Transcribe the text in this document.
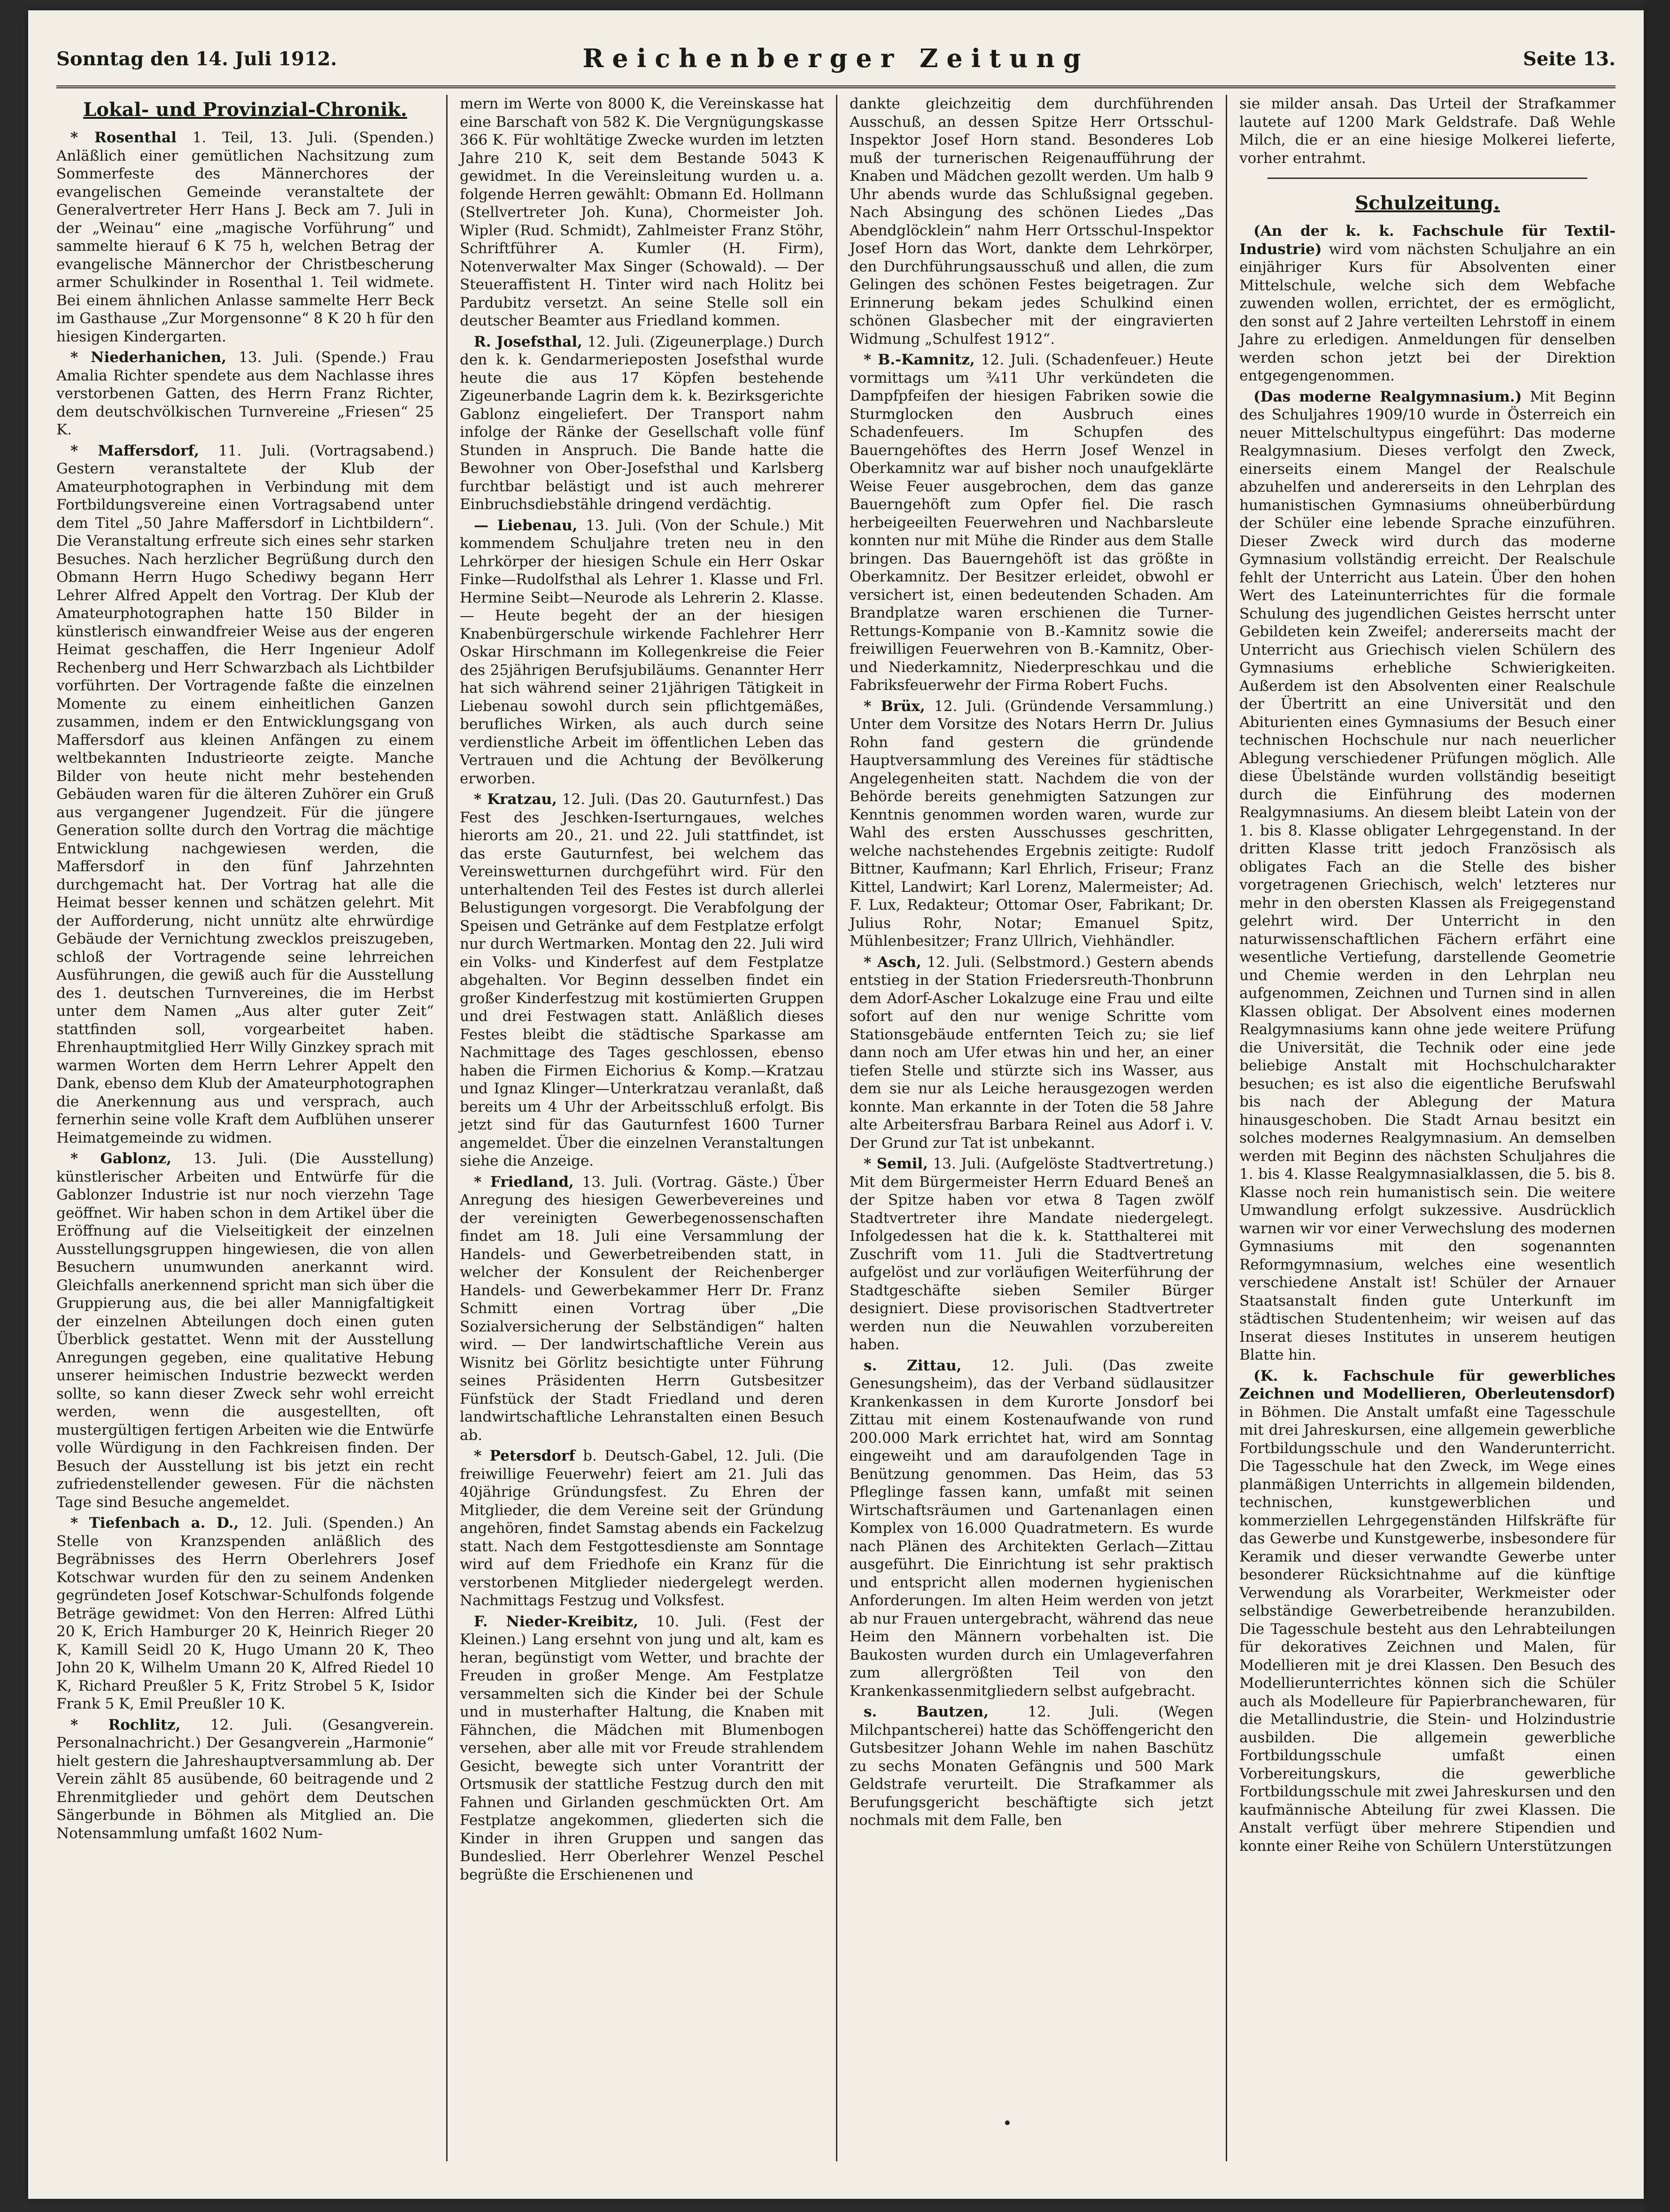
Sonntag den 14. Juli 1912.	Reichenberger Zeitung	Seite 13.
Lokal- und Provinzial-Chronik.

* Rosenthal 1. Teil, 13. Juli. (Spenden.) Anläßlich einer gemütlichen Nachsitzung zum Sommerfeste des Männerchores der evangelischen Gemeinde veranstaltete der Generalvertreter Herr Hans J. Beck am 7. Juli in der „Weinau“ eine „magische Vorführung“ und sammelte hierauf 6 K 75 h, welchen Betrag der evangelische Männerchor der Christbescherung armer Schulkinder in Rosenthal 1. Teil widmete. Bei einem ähnlichen Anlasse sammelte Herr Beck im Gasthause „Zur Morgensonne“ 8 K 20 h für den hiesigen Kindergarten.

* Niederhanichen, 13. Juli. (Spende.) Frau Amalia Richter spendete aus dem Nachlasse ihres verstorbenen Gatten, des Herrn Franz Richter, dem deutschvölkischen Turnvereine „Friesen“ 25 K.

* Maffersdorf, 11. Juli. (Vortragsabend.) Gestern veranstaltete der Klub der Amateurphotographen in Verbindung mit dem Fortbildungsvereine einen Vortragsabend unter dem Titel „50 Jahre Maffersdorf in Lichtbildern“. Die Veranstaltung erfreute sich eines sehr starken Besuches. Nach herzlicher Begrüßung durch den Obmann Herrn Hugo Schediwy begann Herr Lehrer Alfred Appelt den Vortrag. Der Klub der Amateurphotographen hatte 150 Bilder in künstlerisch einwandfreier Weise aus der engeren Heimat geschaffen, die Herr Ingenieur Adolf Rechenberg und Herr Schwarzbach als Lichtbilder vorführten. Der Vortragende faßte die einzelnen Momente zu einem einheitlichen Ganzen zusammen, indem er den Entwicklungsgang von Maffersdorf aus kleinen Anfängen zu einem weltbekannten Industrieorte zeigte. Manche Bilder von heute nicht mehr bestehenden Gebäuden waren für die älteren Zuhörer ein Gruß aus vergangener Jugendzeit. Für die jüngere Generation sollte durch den Vortrag die mächtige Entwicklung nachgewiesen werden, die Maffersdorf in den fünf Jahrzehnten durchgemacht hat. Der Vortrag hat alle die Heimat besser kennen und schätzen gelehrt. Mit der Aufforderung, nicht unnütz alte ehrwürdige Gebäude der Vernichtung zwecklos preiszugeben, schloß der Vortragende seine lehrreichen Ausführungen, die gewiß auch für die Ausstellung des 1. deutschen Turnvereines, die im Herbst unter dem Namen „Aus alter guter Zeit“ stattfinden soll, vorgearbeitet haben. Ehrenhauptmitglied Herr Willy Ginzkey sprach mit warmen Worten dem Herrn Lehrer Appelt den Dank, ebenso dem Klub der Amateurphotographen die Anerkennung aus und versprach, auch fernerhin seine volle Kraft dem Aufblühen unserer Heimatgemeinde zu widmen.

* Gablonz, 13. Juli. (Die Ausstellung) künstlerischer Arbeiten und Entwürfe für die Gablonzer Industrie ist nur noch vierzehn Tage geöffnet. Wir haben schon in dem Artikel über die Eröffnung auf die Vielseitigkeit der einzelnen Ausstellungsgruppen hingewiesen, die von allen Besuchern unumwunden anerkannt wird. Gleichfalls anerkennend spricht man sich über die Gruppierung aus, die bei aller Mannigfaltigkeit der einzelnen Abteilungen doch einen guten Überblick gestattet. Wenn mit der Ausstellung Anregungen gegeben, eine qualitative Hebung unserer heimischen Industrie bezweckt werden sollte, so kann dieser Zweck sehr wohl erreicht werden, wenn die ausgestellten, oft mustergültigen fertigen Arbeiten wie die Entwürfe volle Würdigung in den Fachkreisen finden. Der Besuch der Ausstellung ist bis jetzt ein recht zufriedenstellender gewesen. Für die nächsten Tage sind Besuche angemeldet.

* Tiefenbach a. D., 12. Juli. (Spenden.) An Stelle von Kranzspenden anläßlich des Begräbnisses des Herrn Oberlehrers Josef Kotschwar wurden für den zu seinem Andenken gegründeten Josef Kotschwar-Schulfonds folgende Beträge gewidmet: Von den Herren: Alfred Lüthi 20 K, Erich Hamburger 20 K, Heinrich Rieger 20 K, Kamill Seidl 20 K, Hugo Umann 20 K, Theo John 20 K, Wilhelm Umann 20 K, Alfred Riedel 10 K, Richard Preußler 5 K, Fritz Strobel 5 K, Isidor Frank 5 K, Emil Preußler 10 K.

* Rochlitz, 12. Juli. (Gesangverein. Personalnachricht.) Der Gesangverein „Harmonie“ hielt gestern die Jahreshauptversammlung ab. Der Verein zählt 85 ausübende, 60 beitragende und 2 Ehrenmitglieder und gehört dem Deutschen Sängerbunde in Böhmen als Mitglied an. Die Notensammlung umfaßt 1602 Num-

mern im Werte von 8000 K, die Vereinskasse hat eine Barschaft von 582 K. Die Vergnügungskasse 366 K. Für wohltätige Zwecke wurden im letzten Jahre 210 K, seit dem Bestande 5043 K gewidmet. In die Vereinsleitung wurden u. a. folgende Herren gewählt: Obmann Ed. Hollmann (Stellvertreter Joh. Kuna), Chormeister Joh. Wipler (Rud. Schmidt), Zahlmeister Franz Stöhr, Schriftführer A. Kumler (H. Firm), Notenverwalter Max Singer (Schowald). — Der Steueraffistent H. Tinter wird nach Holitz bei Pardubitz versetzt. An seine Stelle soll ein deutscher Beamter aus Friedland kommen.

R. Josefsthal, 12. Juli. (Zigeunerplage.) Durch den k. k. Gendarmerieposten Josefsthal wurde heute die aus 17 Köpfen bestehende Zigeunerbande Lagrin dem k. k. Bezirksgerichte Gablonz eingeliefert. Der Transport nahm infolge der Ränke der Gesellschaft volle fünf Stunden in Anspruch. Die Bande hatte die Bewohner von Ober-Josefsthal und Karlsberg furchtbar belästigt und ist auch mehrerer Einbruchsdiebstähle dringend verdächtig.

— Liebenau, 13. Juli. (Von der Schule.) Mit kommendem Schuljahre treten neu in den Lehrkörper der hiesigen Schule ein Herr Oskar Finke—Rudolfsthal als Lehrer 1. Klasse und Frl. Hermine Seibt—Neurode als Lehrerin 2. Klasse. — Heute begeht der an der hiesigen Knabenbürgerschule wirkende Fachlehrer Herr Oskar Hirschmann im Kollegenkreise die Feier des 25jährigen Berufsjubiläums. Genannter Herr hat sich während seiner 21jährigen Tätigkeit in Liebenau sowohl durch sein pflichtgemäßes, berufliches Wirken, als auch durch seine verdienstliche Arbeit im öffentlichen Leben das Vertrauen und die Achtung der Bevölkerung erworben.

* Kratzau, 12. Juli. (Das 20. Gauturnfest.) Das Fest des Jeschken-Iserturngaues, welches hierorts am 20., 21. und 22. Juli stattfindet, ist das erste Gauturnfest, bei welchem das Vereinswetturnen durchgeführt wird. Für den unterhaltenden Teil des Festes ist durch allerlei Belustigungen vorgesorgt. Die Verabfolgung der Speisen und Getränke auf dem Festplatze erfolgt nur durch Wertmarken. Montag den 22. Juli wird ein Volks- und Kinderfest auf dem Festplatze abgehalten. Vor Beginn desselben findet ein großer Kinderfestzug mit kostümierten Gruppen und drei Festwagen statt. Anläßlich dieses Festes bleibt die städtische Sparkasse am Nachmittage des Tages geschlossen, ebenso haben die Firmen Eichorius & Komp.—Kratzau und Ignaz Klinger—Unterkratzau veranlaßt, daß bereits um 4 Uhr der Arbeitsschluß erfolgt. Bis jetzt sind für das Gauturnfest 1600 Turner angemeldet. Über die einzelnen Veranstaltungen siehe die Anzeige.

* Friedland, 13. Juli. (Vortrag. Gäste.) Über Anregung des hiesigen Gewerbevereines und der vereinigten Gewerbegenossenschaften findet am 18. Juli eine Versammlung der Handels- und Gewerbetreibenden statt, in welcher der Konsulent der Reichenberger Handels- und Gewerbekammer Herr Dr. Franz Schmitt einen Vortrag über „Die Sozialversicherung der Selbständigen“ halten wird. — Der landwirtschaftliche Verein aus Wisnitz bei Görlitz besichtigte unter Führung seines Präsidenten Herrn Gutsbesitzer Fünfstück der Stadt Friedland und deren landwirtschaftliche Lehranstalten einen Besuch ab.

* Petersdorf b. Deutsch-Gabel, 12. Juli. (Die freiwillige Feuerwehr) feiert am 21. Juli das 40jährige Gründungsfest. Zu Ehren der Mitglieder, die dem Vereine seit der Gründung angehören, findet Samstag abends ein Fackelzug statt. Nach dem Festgottesdienste am Sonntage wird auf dem Friedhofe ein Kranz für die verstorbenen Mitglieder niedergelegt werden. Nachmittags Festzug und Volksfest.

F. Nieder-Kreibitz, 10. Juli. (Fest der Kleinen.) Lang ersehnt von jung und alt, kam es heran, begünstigt vom Wetter, und brachte der Freuden in großer Menge. Am Festplatze versammelten sich die Kinder bei der Schule und in musterhafter Haltung, die Knaben mit Fähnchen, die Mädchen mit Blumenbogen versehen, aber alle mit vor Freude strahlendem Gesicht, bewegte sich unter Vorantritt der Ortsmusik der stattliche Festzug durch den mit Fahnen und Girlanden geschmückten Ort. Am Festplatze angekommen, gliederten sich die Kinder in ihren Gruppen und sangen das Bundeslied. Herr Oberlehrer Wenzel Peschel begrüßte die Erschienenen und

dankte gleichzeitig dem durchführenden Ausschuß, an dessen Spitze Herr Ortsschul-Inspektor Josef Horn stand. Besonderes Lob muß der turnerischen Reigenaufführung der Knaben und Mädchen gezollt werden. Um halb 9 Uhr abends wurde das Schlußsignal gegeben. Nach Absingung des schönen Liedes „Das Abendglöcklein“ nahm Herr Ortsschul-Inspektor Josef Horn das Wort, dankte dem Lehrkörper, den Durchführungsausschuß und allen, die zum Gelingen des schönen Festes beigetragen. Zur Erinnerung bekam jedes Schulkind einen schönen Glasbecher mit der eingravierten Widmung „Schulfest 1912“.

* B.-Kamnitz, 12. Juli. (Schadenfeuer.) Heute vormittags um ¾11 Uhr verkündeten die Dampfpfeifen der hiesigen Fabriken sowie die Sturmglocken den Ausbruch eines Schadenfeuers. Im Schupfen des Bauerngehöftes des Herrn Josef Wenzel in Oberkamnitz war auf bisher noch unaufgeklärte Weise Feuer ausgebrochen, dem das ganze Bauerngehöft zum Opfer fiel. Die rasch herbeigeeilten Feuerwehren und Nachbarsleute konnten nur mit Mühe die Rinder aus dem Stalle bringen. Das Bauerngehöft ist das größte in Oberkamnitz. Der Besitzer erleidet, obwohl er versichert ist, einen bedeutenden Schaden. Am Brandplatze waren erschienen die Turner-Rettungs-Kompanie von B.-Kamnitz sowie die freiwilligen Feuerwehren von B.-Kamnitz, Ober- und Niederkamnitz, Niederpreschkau und die Fabriksfeuerwehr der Firma Robert Fuchs.

* Brüx, 12. Juli. (Gründende Versammlung.) Unter dem Vorsitze des Notars Herrn Dr. Julius Rohn fand gestern die gründende Hauptversammlung des Vereines für städtische Angelegenheiten statt. Nachdem die von der Behörde bereits genehmigten Satzungen zur Kenntnis genommen worden waren, wurde zur Wahl des ersten Ausschusses geschritten, welche nachstehendes Ergebnis zeitigte: Rudolf Bittner, Kaufmann; Karl Ehrlich, Friseur; Franz Kittel, Landwirt; Karl Lorenz, Malermeister; Ad. F. Lux, Redakteur; Ottomar Oser, Fabrikant; Dr. Julius Rohr, Notar; Emanuel Spitz, Mühlenbesitzer; Franz Ullrich, Viehhändler.

* Asch, 12. Juli. (Selbstmord.) Gestern abends entstieg in der Station Friedersreuth-Thonbrunn dem Adorf-Ascher Lokalzuge eine Frau und eilte sofort auf den nur wenige Schritte vom Stationsgebäude entfernten Teich zu; sie lief dann noch am Ufer etwas hin und her, an einer tiefen Stelle und stürzte sich ins Wasser, aus dem sie nur als Leiche herausgezogen werden konnte. Man erkannte in der Toten die 58 Jahre alte Arbeitersfrau Barbara Reinel aus Adorf i. V. Der Grund zur Tat ist unbekannt.

* Semil, 13. Juli. (Aufgelöste Stadtvertretung.) Mit dem Bürgermeister Herrn Eduard Beneš an der Spitze haben vor etwa 8 Tagen zwölf Stadtvertreter ihre Mandate niedergelegt. Infolgedessen hat die k. k. Statthalterei mit Zuschrift vom 11. Juli die Stadtvertretung aufgelöst und zur vorläufigen Weiterführung der Stadtgeschäfte sieben Semiler Bürger designiert. Diese provisorischen Stadtvertreter werden nun die Neuwahlen vorzubereiten haben.

s. Zittau, 12. Juli. (Das zweite Genesungsheim), das der Verband südlausitzer Krankenkassen in dem Kurorte Jonsdorf bei Zittau mit einem Kostenaufwande von rund 200.000 Mark errichtet hat, wird am Sonntag eingeweiht und am daraufolgenden Tage in Benützung genommen. Das Heim, das 53 Pfleglinge fassen kann, umfaßt mit seinen Wirtschaftsräumen und Gartenanlagen einen Komplex von 16.000 Quadratmetern. Es wurde nach Plänen des Architekten Gerlach—Zittau ausgeführt. Die Einrichtung ist sehr praktisch und entspricht allen modernen hygienischen Anforderungen. Im alten Heim werden von jetzt ab nur Frauen untergebracht, während das neue Heim den Männern vorbehalten ist. Die Baukosten wurden durch ein Umlageverfahren zum allergrößten Teil von den Krankenkassenmitgliedern selbst aufgebracht.

s. Bautzen,	12. Juli. (Wegen Milchpantscherei) hatte das Schöffengericht den Gutsbesitzer Johann Wehle im nahen Baschütz zu sechs Monaten Gefängnis und 500 Mark Geldstrafe verurteilt. Die Strafkammer als Berufungsgericht beschäftigte sich jetzt nochmals mit dem Falle, ben

sie milder ansah. Das Urteil der Strafkammer lautete auf 1200 Mark Geldstrafe. Daß Wehle Milch, die er an eine hiesige Molkerei lieferte, vorher entrahmt.

Schulzeitung.

(An der k. k. Fachschule für Textil-Industrie) wird vom nächsten Schuljahre an ein einjähriger Kurs für Absolventen einer Mittelschule, welche sich dem Webfache zuwenden wollen, errichtet, der es ermöglicht, den sonst auf 2 Jahre verteilten Lehrstoff in einem Jahre zu erledigen. Anmeldungen für denselben werden schon jetzt bei der Direktion entgegengenommen.

(Das moderne Realgymnasium.) Mit Beginn des Schuljahres 1909/10 wurde in Österreich ein neuer Mittelschultypus eingeführt: Das moderne Realgymnasium. Dieses verfolgt den Zweck, einerseits einem Mangel der Realschule abzuhelfen und andererseits in den Lehrplan des humanistischen Gymnasiums ohneüberbürdung der Schüler eine lebende Sprache einzuführen. Dieser Zweck wird durch das moderne Gymnasium vollständig erreicht. Der Realschule fehlt der Unterricht aus Latein. Über den hohen Wert des Lateinunterrichtes für die formale Schulung des jugendlichen Geistes herrscht unter Gebildeten kein Zweifel; andererseits macht der Unterricht aus Griechisch vielen Schülern des Gymnasiums erhebliche Schwierigkeiten. Außerdem ist den Absolventen einer Realschule der Übertritt an eine Universität und den Abiturienten eines Gymnasiums der Besuch einer technischen Hochschule nur nach neuerlicher Ablegung verschiedener Prüfungen möglich. Alle diese Übelstände wurden vollständig beseitigt durch die Einführung des modernen Realgymnasiums. An diesem bleibt Latein von der 1. bis 8. Klasse obligater Lehrgegenstand. In der dritten Klasse tritt jedoch Französisch als obligates Fach an die Stelle des bisher vorgetragenen Griechisch, welch' letzteres nur mehr in den obersten Klassen als Freigegenstand gelehrt wird. Der Unterricht in den naturwissenschaftlichen Fächern erfährt eine wesentliche Vertiefung, darstellende Geometrie und Chemie werden in den Lehrplan neu aufgenommen, Zeichnen und Turnen sind in allen Klassen obligat. Der Absolvent eines modernen Realgymnasiums kann ohne jede weitere Prüfung die Universität, die Technik oder eine jede beliebige Anstalt mit Hochschulcharakter besuchen; es ist also die eigentliche Berufswahl bis nach der Ablegung der Matura hinausgeschoben. Die Stadt Arnau besitzt ein solches modernes Realgymnasium. An demselben werden mit Beginn des nächsten Schuljahres die 1. bis 4. Klasse Realgymnasialklassen, die 5. bis 8. Klasse noch rein humanistisch sein. Die weitere Umwandlung erfolgt sukzessive. Ausdrücklich warnen wir vor einer Verwechslung des modernen Gymnasiums mit den sogenannten Reformgymnasium, welches eine wesentlich verschiedene Anstalt ist! Schüler der Arnauer Staatsanstalt finden gute Unterkunft im städtischen Studentenheim; wir weisen auf das Inserat dieses Institutes in unserem heutigen Blatte hin.

(K. k. Fachschule für gewerbliches Zeichnen und Modellieren, Oberleutensdorf) in Böhmen. Die Anstalt umfaßt eine Tagesschule mit drei Jahreskursen, eine allgemein gewerbliche Fortbildungsschule und den Wanderunterricht. Die Tagesschule hat den Zweck, im Wege eines planmäßigen Unterrichts in allgemein bildenden, technischen, kunstgewerblichen und kommerziellen Lehrgegenständen Hilfskräfte für das Gewerbe und Kunstgewerbe, insbesondere für Keramik und dieser verwandte Gewerbe unter besonderer Rücksichtnahme auf die künftige Verwendung als Vorarbeiter, Werkmeister oder selbständige Gewerbetreibende heranzubilden. Die Tagesschule besteht aus den Lehrabteilungen für dekoratives Zeichnen und Malen, für Modellieren mit je drei Klassen. Den Besuch des Modellierunterrichtes können sich die Schüler auch als Modelleure für Papierbranchewaren, für die Metallindustrie, die Stein- und Holzindustrie ausbilden. Die allgemein gewerbliche Fortbildungsschule umfaßt einen Vorbereitungskurs, die gewerbliche Fortbildungsschule mit zwei Jahreskursen und den kaufmännische Abteilung für zwei Klassen. Die Anstalt verfügt über mehrere Stipendien und konnte einer Reihe von Schülern Unterstützungen
